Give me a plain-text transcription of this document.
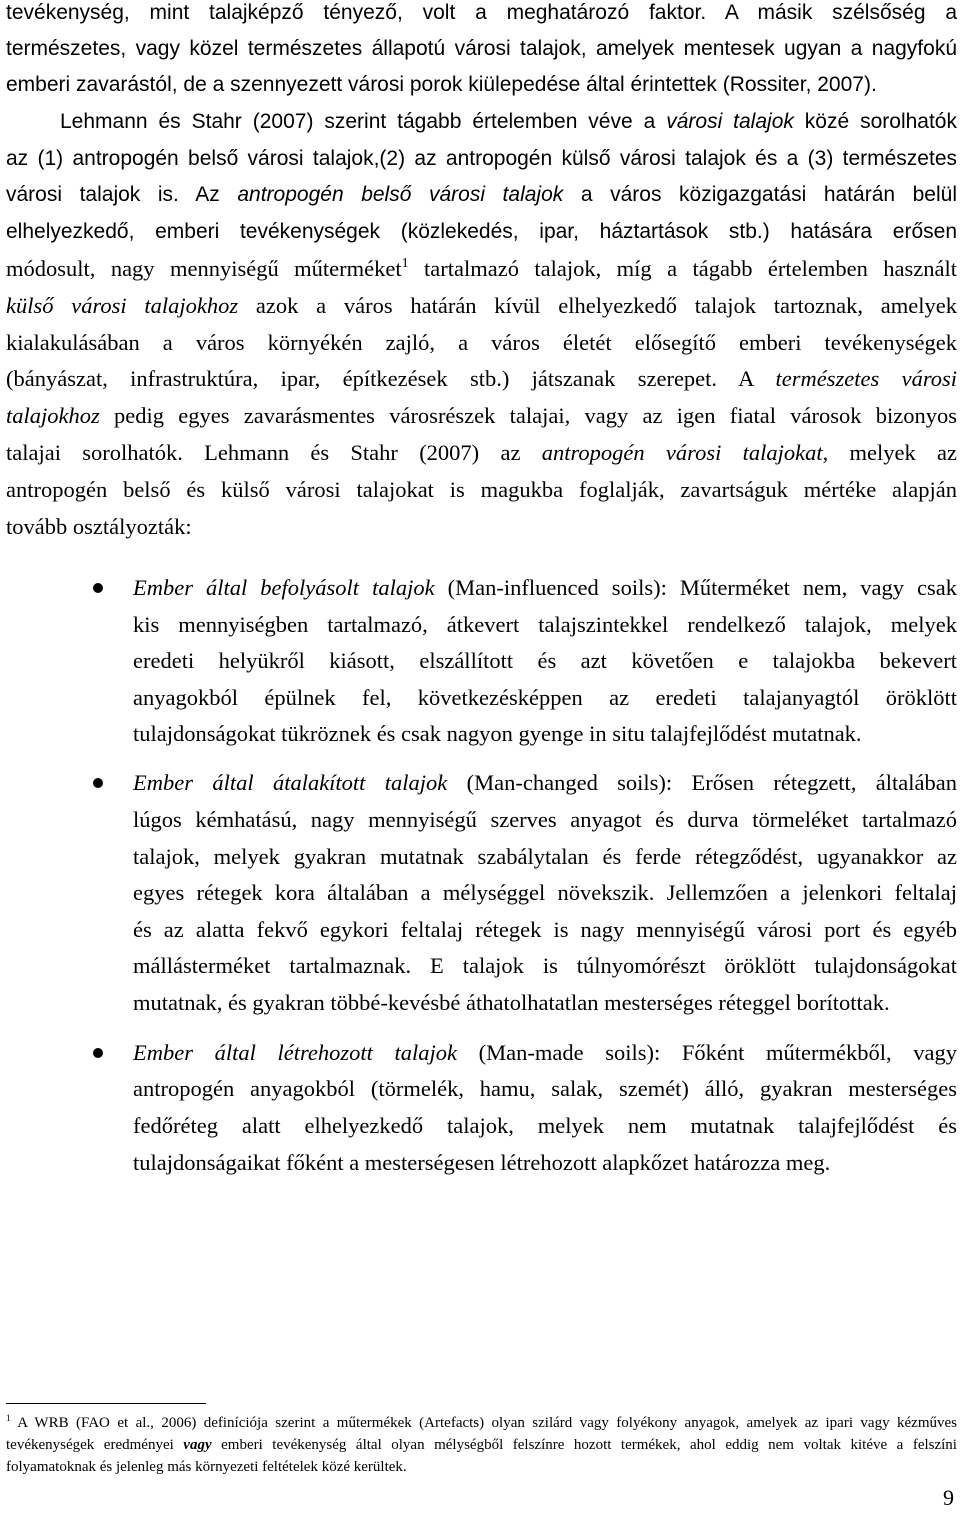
tevékenység, mint talajképző tényező, volt a meghatározó faktor. A másik szélsőség a
természetes, vagy közel természetes állapotú városi talajok, amelyek mentesek ugyan a nagyfokú
emberi zavarástól, de a szennyezett városi porok kiülepedése által érintettek (Rossiter, 2007).
Lehmann és Stahr (2007) szerint tágabb értelemben véve a városi talajok közé sorolhatók
az (1) antropogén belső városi talajok,(2) az antropogén külső városi talajok és a (3) természetes
városi talajok is. Az antropogén belső városi talajok a város közigazgatási határán belül
elhelyezkedő, emberi tevékenységek (közlekedés, ipar, háztartások stb.) hatására erősen
módosult, nagy mennyiségű műterméket$^1$ tartalmazó talajok, míg a tágabb értelemben használt
külső városi talajokhoz azok a város határán kívül elhelyezkedő talajok tartoznak, amelyek
kialakulásában a város környékén zajló, a város életét elősegítő emberi tevékenységek
(bányászat, infrastruktúra, ipar, építkezések stb.) játszanak szerepet. A természetes városi
talajokhoz pedig egyes zavarásmentes városrészek talajai, vagy az igen fiatal városok bizonyos
talajai sorolhatók. Lehmann és Stahr (2007) az antropogén városi talajokat, melyek az
antropogén belső és külső városi talajokat is magukba foglalják, zavartságuk mértéke alapján
tovább osztályozták:
Ember által befolyásolt talajok (Man-influenced soils): Műterméket nem, vagy csak
kis mennyiségben tartalmazó, átkevert talajszintekkel rendelkező talajok, melyek
eredeti helyükről kiásott, elszállított és azt követően e talajokba bekevert
anyagokból épülnek fel, következésképpen az eredeti talajanyagtól öröklött
tulajdonságokat tükröznek és csak nagyon gyenge in situ talajfejlődést mutatnak.
Ember által átalakított talajok (Man-changed soils): Erősen rétegzett, általában
lúgos kémhatású, nagy mennyiségű szerves anyagot és durva törmeléket tartalmazó
talajok, melyek gyakran mutatnak szabálytalan és ferde rétegződést, ugyanakkor az
egyes rétegek kora általában a mélységgel növekszik. Jellemzően a jelenkori feltalaj
és az alatta fekvő egykori feltalaj rétegek is nagy mennyiségű városi port és egyéb
mállásterméket tartalmaznak. E talajok is túlnyomórészt öröklött tulajdonságokat
mutatnak, és gyakran többé-kevésbé áthatolhatatlan mesterséges réteggel borítottak.
Ember által létrehozott talajok (Man-made soils): Főként műtermékből, vagy
antropogén anyagokból (törmelék, hamu, salak, szemét) álló, gyakran mesterséges
fedőréteg alatt elhelyezkedő talajok, melyek nem mutatnak talajfejlődést és
tulajdonságaikat főként a mesterségesen létrehozott alapkőzet határozza meg.
$^1$ A WRB (FAO et al., 2006) definíciója szerint a műtermékek (Artefacts) olyan szilárd vagy folyékony anyagok, amelyek az ipari vagy kézműves
tevékenységek eredményei vagy emberi tevékenység által olyan mélységből felszínre hozott termékek, ahol eddig nem voltak kitéve a felszíni
folyamatoknak és jelenleg más környezeti feltételek közé kerültek.
9
